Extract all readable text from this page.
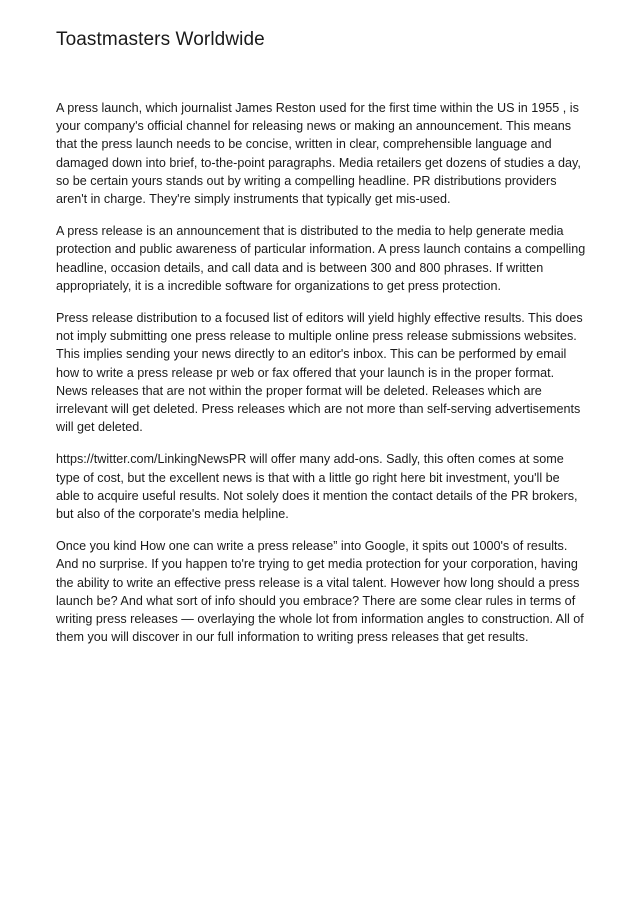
Toastmasters Worldwide

A press launch, which journalist James Reston used for the first time within the US in 1955 , is your company's official channel for releasing news or making an announcement. This means that the press launch needs to be concise, written in clear, comprehensible language and damaged down into brief, to-the-point paragraphs. Media retailers get dozens of studies a day, so be certain yours stands out by writing a compelling headline. PR distributions providers aren't in charge. They're simply instruments that typically get mis-used.

A press release is an announcement that is distributed to the media to help generate media protection and public awareness of particular information. A press launch contains a compelling headline, occasion details, and call data and is between 300 and 800 phrases. If written appropriately, it is a incredible software for organizations to get press protection.

Press release distribution to a focused list of editors will yield highly effective results. This does not imply submitting one press release to multiple online press release submissions websites. This implies sending your news directly to an editor's inbox. This can be performed by email how to write a press release pr web or fax offered that your launch is in the proper format. News releases that are not within the proper format will be deleted. Releases which are irrelevant will get deleted. Press releases which are not more than self-serving advertisements will get deleted.

https://twitter.com/LinkingNewsPR will offer many add-ons. Sadly, this often comes at some type of cost, but the excellent news is that with a little go right here bit investment, you'll be able to acquire useful results. Not solely does it mention the contact details of the PR brokers, but also of the corporate's media helpline.

Once you kind How one can write a press release” into Google, it spits out 1000's of results. And no surprise. If you happen to're trying to get media protection for your corporation, having the ability to write an effective press release is a vital talent. However how long should a press launch be? And what sort of info should you embrace? There are some clear rules in terms of writing press releases — overlaying the whole lot from information angles to construction. All of them you will discover in our full information to writing press releases that get results.
